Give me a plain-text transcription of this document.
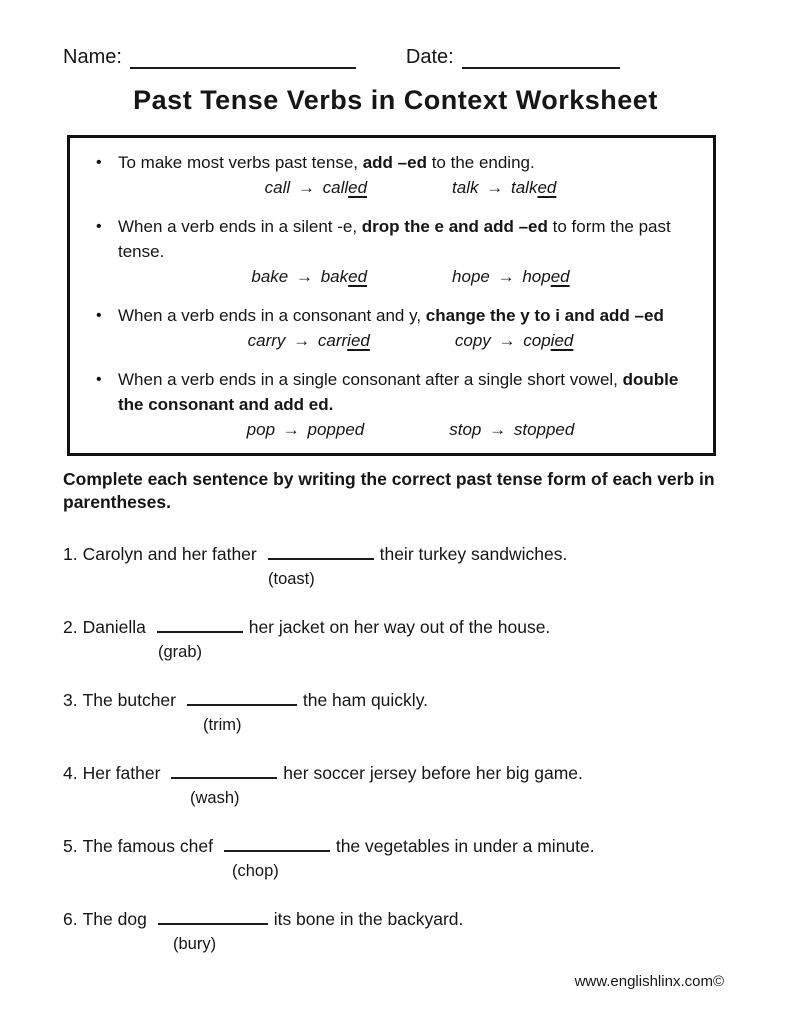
Name:	Date:
Past Tense Verbs in Context Worksheet
• To make most verbs past tense, add –ed to the ending.
call → called	talk → talked
• When a verb ends in a silent -e, drop the e and add –ed to form the past tense.
bake → baked	hope → hoped
• When a verb ends in a consonant and y, change the y to i and add –ed
carry → carried	copy → copied
• When a verb ends in a single consonant after a single short vowel, double the consonant and add ed.
pop → popped	stop → stopped

Complete each sentence by writing the correct past tense form of each verb in parentheses.

1. Carolyn and her father	their turkey sandwiches.
(toast)
2. Daniella	her jacket on her way out of the house.
(grab)
3. The butcher	the ham quickly.
(trim)
4. Her father	her soccer jersey before her big game.
(wash)
5. The famous chef	the vegetables in under a minute.
(chop)
6. The dog	its bone in the backyard.
(bury)
www.englishlinx.com©
